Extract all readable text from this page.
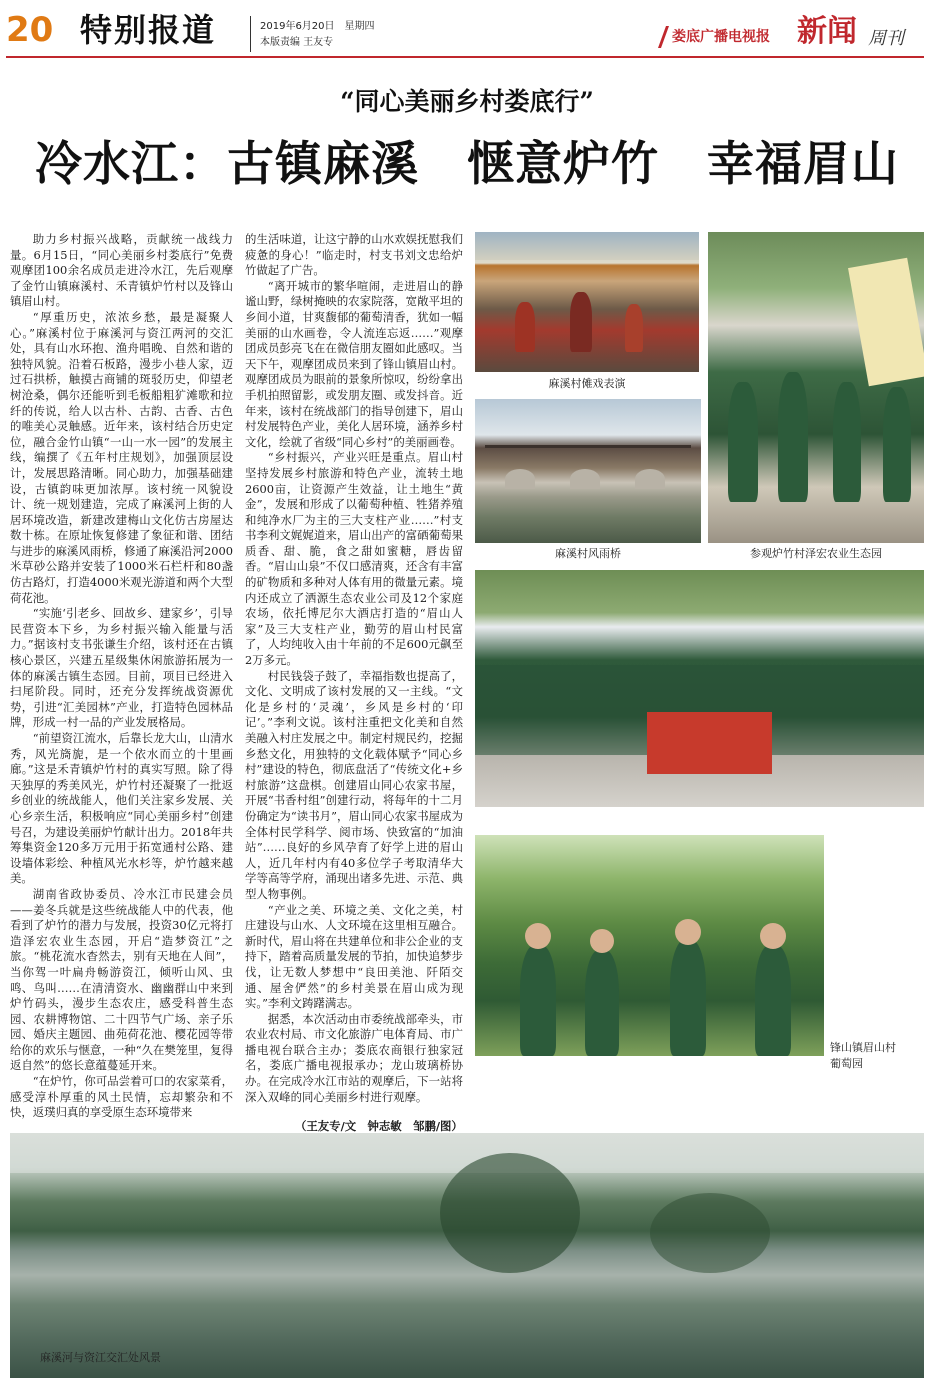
20 特别报道	2019年6月20日　星期四
本版责编 王友专	娄底广播电视报 新闻 周刊
“同心美丽乡村娄底行”
冷水江：古镇麻溪　惬意炉竹　幸福眉山

助力乡村振兴战略，贡献统一战线力量。6月15日，“同心美丽乡村娄底行”免费观摩团100余名成员走进冷水江，先后观摩了金竹山镇麻溪村、禾青镇炉竹村以及锋山镇眉山村。

“厚重历史，浓浓乡愁，最是凝聚人心。”麻溪村位于麻溪河与资江两河的交汇处，具有山水环抱、渔舟唱晚、自然和谐的独特风貌。沿着石板路，漫步小巷人家，迈过石拱桥，触摸古商铺的斑驳历史，仰望老树沧桑，偶尔还能听到毛板船粗犷滩歌和拉纤的传说，给人以古朴、古韵、古香、古色的唯美心灵触感。近年来，该村结合历史定位，融合金竹山镇“一山一水一园”的发展主线，编撰了《五年村庄规划》，加强顶层设计，发展思路清晰。同心助力，加强基础建设，古镇韵味更加浓厚。该村统一风貌设计、统一规划建造，完成了麻溪河上街的人居环境改造，新建改建梅山文化仿古房屋达数十栋。在原址恢复修建了象征和谐、团结与进步的麻溪风雨桥，修通了麻溪沿河2000米草砂公路并安装了1000米石栏杆和80盏仿古路灯，打造4000米观光游道和两个大型荷花池。

“实施‘引老乡、回故乡、建家乡’，引导民营资本下乡，为乡村振兴输入能量与活力。”据该村支书张谦生介绍，该村还在古镇核心景区，兴建五星级集休闲旅游拓展为一体的麻溪古镇生态园。目前，项目已经进入扫尾阶段。同时，还充分发挥统战资源优势，引进“汇美园林”产业，打造特色园林品牌，形成一村一品的产业发展格局。

“前望资江流水，后靠长龙大山，山清水秀，风光旖旎，是一个依水而立的十里画廊。”这是禾青镇炉竹村的真实写照。除了得天独厚的秀美风光，炉竹村还凝聚了一批返乡创业的统战能人，他们关注家乡发展、关心乡亲生活，积极响应“同心美丽乡村”创建号召，为建设美丽炉竹献计出力。2018年共筹集资金120多万元用于拓宽通村公路、建设墙体彩绘、种植风光水杉等，炉竹越来越美。

湖南省政协委员、冷水江市民建会员——姜冬兵就是这些统战能人中的代表，他看到了炉竹的潜力与发展，投资30亿元将打造泽宏农业生态园，开启“造梦资江”之旅。“桃花流水杳然去，别有天地在人间”，当你驾一叶扁舟畅游资江，倾听山风、虫鸣、鸟叫……在清清资水、幽幽群山中来到炉竹码头，漫步生态农庄，感受科普生态园、农耕博物馆、二十四节气广场、亲子乐园、婚庆主题园、曲苑荷花池、樱花园等带给你的欢乐与惬意，一种“久在樊笼里，复得返自然”的悠长意蕴蔓延开来。

“在炉竹，你可品尝着可口的农家菜肴，感受淳朴厚重的风土民情，忘却繁杂和不快，返璞归真的享受原生态环境带来

的生活味道，让这宁静的山水欢娱抚慰我们疲惫的身心！”临走时，村支书刘文忠给炉竹做起了广告。

“离开城市的繁华喧闹，走进眉山的静谧山野，绿树掩映的农家院落，宽敞平坦的乡间小道，甘爽馥郁的葡萄清香，犹如一幅美丽的山水画卷，令人流连忘返……”观摩团成员彭亮飞在在微信朋友圈如此感叹。当天下午，观摩团成员来到了锋山镇眉山村。观摩团成员为眼前的景象所惊叹，纷纷拿出手机拍照留影，或发朋友圈、或发抖音。近年来，该村在统战部门的指导创建下，眉山村发展特色产业，美化人居环境，涵养乡村文化，绘就了省级“同心乡村”的美丽画卷。

“乡村振兴，产业兴旺是重点。眉山村坚持发展乡村旅游和特色产业，流转土地2600亩，让资源产生效益，让土地生“黄金”，发展和形成了以葡萄种植、牲猪养殖和纯净水厂为主的三大支柱产业……”村支书李利文娓娓道来，眉山出产的富硒葡萄果质香、甜、脆，食之甜如蜜糖，唇齿留香。“眉山山泉”不仅口感清爽，还含有丰富的矿物质和多种对人体有用的微量元素。境内还成立了洒源生态农业公司及12个家庭农场，依托博尼尔大酒店打造的“眉山人家”及三大支柱产业，勤劳的眉山村民富了，人均纯收入由十年前的不足600元飙至2万多元。

村民钱袋子鼓了，幸福指数也提高了，文化、文明成了该村发展的又一主线。“文化是乡村的‘灵魂’，乡风是乡村的‘印记’。”李利文说。该村注重把文化美和自然美融入村庄发展之中。制定村规民约，挖掘乡愁文化，用独特的文化载体赋予“同心乡村”建设的特色，彻底盘活了“传统文化+乡村旅游”这盘棋。创建眉山同心农家书屋，开展“书香村组”创建行动，将每年的十二月份确定为“读书月”，眉山同心农家书屋成为全体村民学科学、阅市场、快致富的“加油站”……良好的乡风孕育了好学上进的眉山人，近几年村内有40多位学子考取清华大学等高等学府，涌现出诸多先进、示范、典型人物事例。

“产业之美、环境之美、文化之美，村庄建设与山水、人文环境在这里相互融合。新时代，眉山将在共建单位和非公企业的支持下，踏着高质量发展的节拍，加快追梦步伐，让无数人梦想中“良田美池、阡陌交通、屋舍俨然”的乡村美景在眉山成为现实。”李利文踌躇满志。

据悉，本次活动由市委统战部牵头，市农业农村局、市文化旅游广电体育局、市广播电视台联合主办；娄底农商银行独家冠名，娄底广播电视报承办；龙山玻璃桥协办。在完成冷水江市站的观摩后，下一站将深入双峰的同心美丽乡村进行观摩。

（王友专/文　钟志敏　邹鹏/图）
麻溪村傩戏表演
麻溪村风雨桥	参观炉竹村泽宏农业生态园
锋山镇眉山村
葡萄园
麻溪河与资江交汇处风景
